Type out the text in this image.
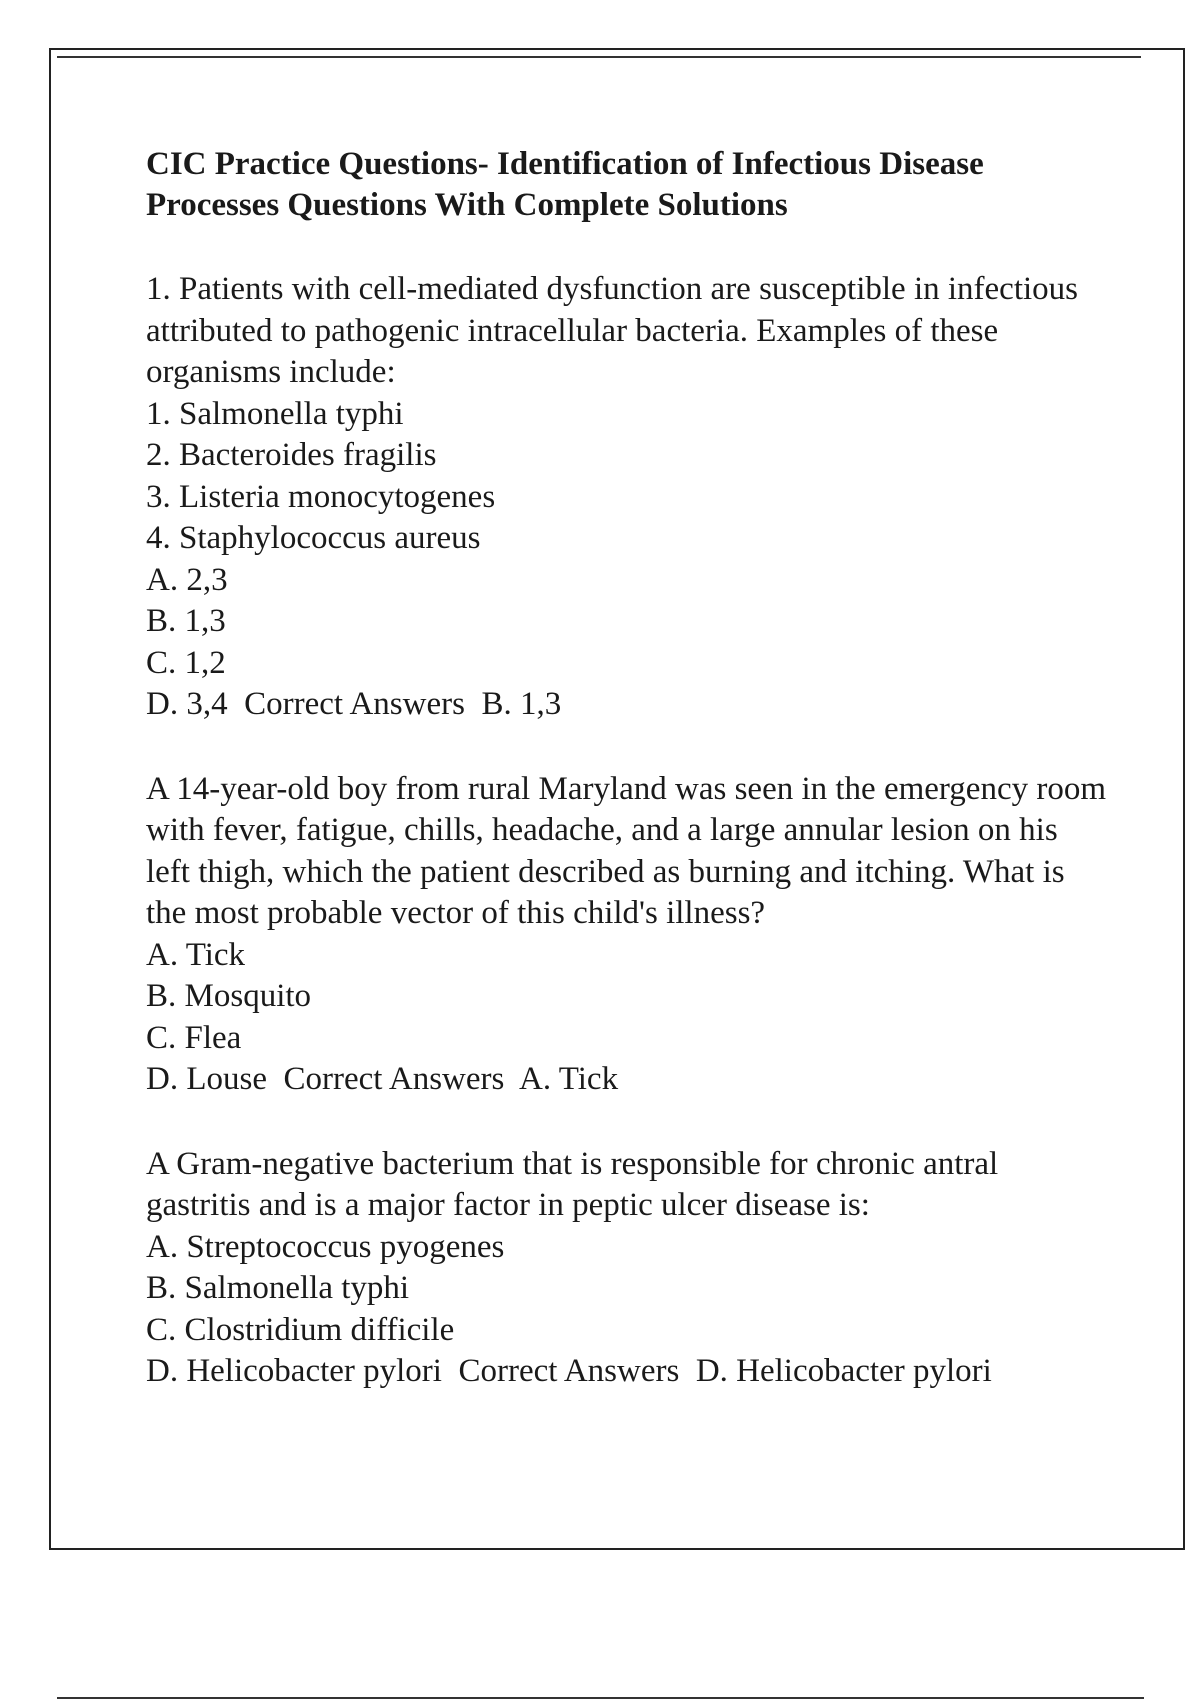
CIC Practice Questions- Identification of Infectious Disease Processes Questions With Complete Solutions

1. Patients with cell-mediated dysfunction are susceptible in infectious attributed to pathogenic intracellular bacteria. Examples of these organisms include:

1. Salmonella typhi
2. Bacteroides fragilis
3. Listeria monocytogenes
4. Staphylococcus aureus
A. 2,3
B. 1,3
C. 1,2
D. 3,4  Correct Answers  B. 1,3

A 14-year-old boy from rural Maryland was seen in the emergency room with fever, fatigue, chills, headache, and a large annular lesion on his left thigh, which the patient described as burning and itching. What is the most probable vector of this child's illness?

A. Tick
B. Mosquito
C. Flea
D. Louse  Correct Answers  A. Tick

A Gram-negative bacterium that is responsible for chronic antral gastritis and is a major factor in peptic ulcer disease is:

A. Streptococcus pyogenes
B. Salmonella typhi
C. Clostridium difficile
D. Helicobacter pylori  Correct Answers  D. Helicobacter pylori
